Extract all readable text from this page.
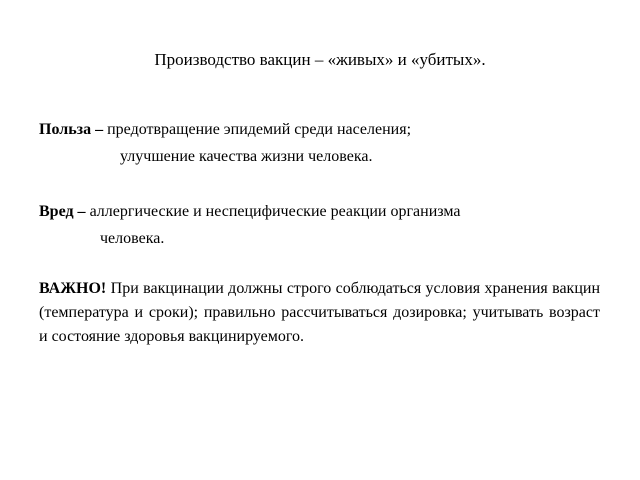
Производство вакцин – «живых» и «убитых».
Польза – предотвращение эпидемий среди населения;
улучшение качества жизни человека.
Вред – аллергические и неспецифические реакции организма
человека.
ВАЖНО! При вакцинации должны строго соблюдаться условия хранения вакцин (температура и сроки); правильно рассчитываться дозировка; учитывать возраст и состояние здоровья вакцинируемого.
